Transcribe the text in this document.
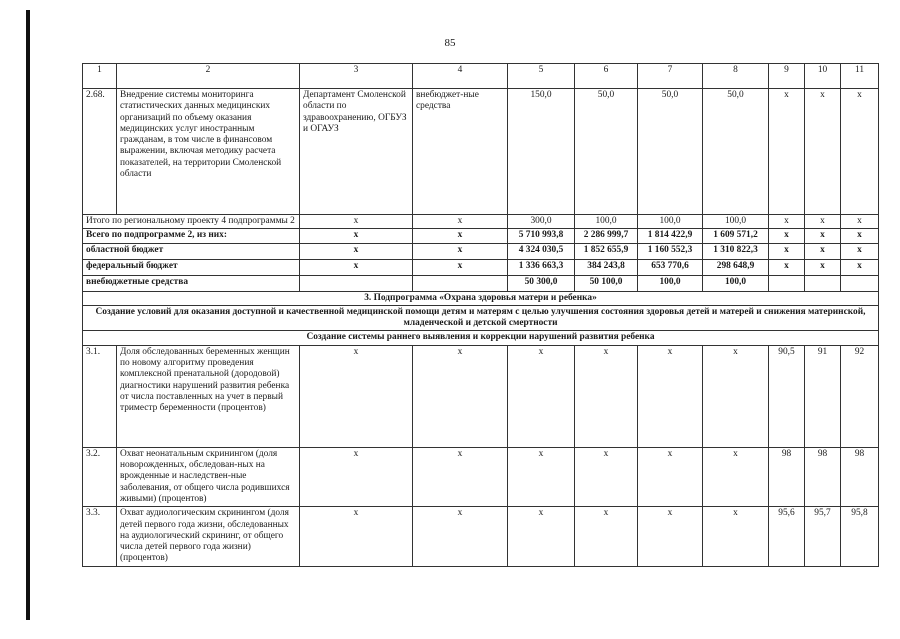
85
1	2	3	4	5	6	7	8	9	10	11
2.68.	Внедрение системы мониторинга статистических данных медицинских организаций по объему оказания медицинских услуг иностранным гражданам, в том числе в финансовом выражении, включая методику расчета показателей, на территории Смоленской области	Департамент Смоленской области по здравоохранению, ОГБУЗ и ОГАУЗ	внебюджет-ные средства	150,0	50,0	50,0	50,0	x	x	x
Итого по региональному проекту 4 подпрограммы 2		x	x	300,0	100,0	100,0	100,0	x	x	x
Всего по подпрограмме 2, из них:		x	x	5 710 993,8	2 286 999,7	1 814 422,9	1 609 571,2	x	x	x
областной бюджет		x	x	4 324 030,5	1 852 655,9	1 160 552,3	1 310 822,3	x	x	x
федеральный бюджет		x	x	1 336 663,3	384 243,8	653 770,6	298 648,9	x	x	x
внебюджетные средства				50 300,0	50 100,0	100,0	100,0			
3. Подпрограмма «Охрана здоровья матери и ребенка»										
Создание условий для оказания доступной и качественной медицинской помощи детям и матерям с целью улучшения состояния здоровья детей и матерей и снижения материнской, младенческой и детской смертности										
Создание системы раннего выявления и коррекции нарушений развития ребенка										
3.1.	Доля обследованных беременных женщин по новому алгоритму проведения комплексной пренатальной (дородовой) диагностики нарушений развития ребенка от числа поставленных на учет в первый триместр беременности (процентов)	x	x	x	x	x	x	90,5	91	92
3.2.	Охват неонатальным скринингом (доля новорожденных, обследован-ных на врожденные и наследствен-ные заболевания, от общего числа родившихся живыми) (процентов)	x	x	x	x	x	x	98	98	98
3.3.	Охват аудиологическим скринингом (доля детей первого года жизни, обследованных на аудиологический скрининг, от общего числа детей первого года жизни) (процентов)	x	x	x	x	x	x	95,6	95,7	95,8
